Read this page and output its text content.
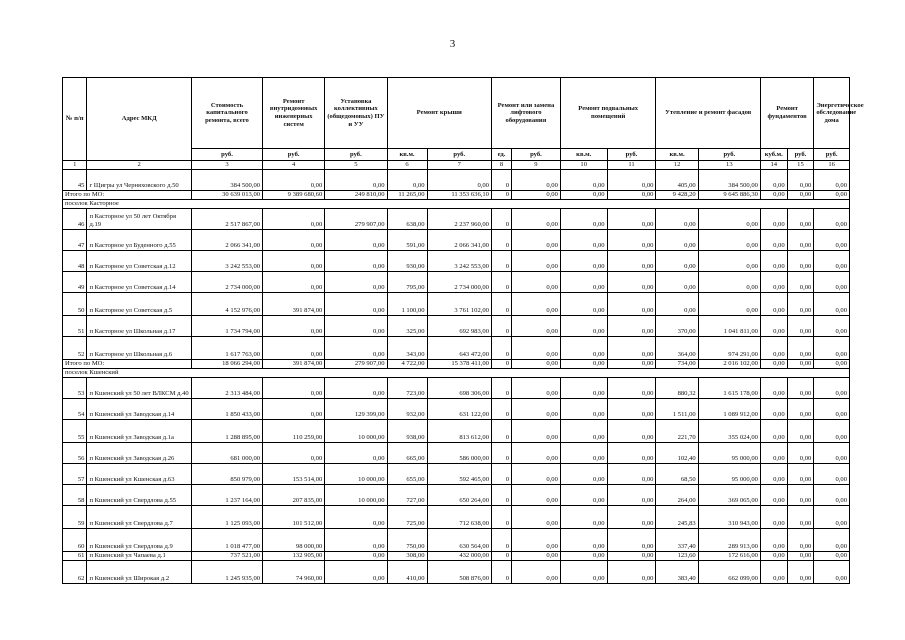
3
№ п/п	Адрес МКД	Стоимость капитального ремонта, всего	Ремонт внутридомовых инженерных систем	Установка коллективных (общедомовых) ПУ и УУ	Ремонт крыши		Ремонт или замена лифтового оборудования		Ремонт подвальных помещений		Утепление и ремонт фасадов		Ремонт фундаментов		Энергетическое обследование дома
		руб.	руб.	руб.	кв.м.	руб.	ед.	руб.	кв.м.	руб.	кв.м.	руб.	куб.м.	руб.	руб.
1	2	3	4	5	6	7	8	9	10	11	12	13	14	15	16
45	г Щигры ул Черняховского д.50	384 500,00	0,00	0,00	0,00	0,00	0	0,00	0,00	0,00	405,00	384 500,00	0,00	0,00	0,00
Итого по МО:		30 639 013,00	9 389 680,60	249 810,00	11 265,00	11 353 636,10	0	0,00	0,00	0,00	9 428,20	9 645 886,30	0,00	0,00	0,00
поселок Касторное															
46	п Касторное ул 50 лет Октября д.19	2 517 867,00	0,00	279 907,00	638,00	2 237 960,00	0	0,00	0,00	0,00	0,00	0,00	0,00	0,00	0,00
47	п Касторное ул Буденного д.55	2 066 341,00	0,00	0,00	591,00	2 066 341,00	0	0,00	0,00	0,00	0,00	0,00	0,00	0,00	0,00
48	п Касторное ул Советская д.12	3 242 553,00	0,00	0,00	930,00	3 242 553,00	0	0,00	0,00	0,00	0,00	0,00	0,00	0,00	0,00
49	п Касторное ул Советская д.14	2 734 000,00	0,00	0,00	795,00	2 734 000,00	0	0,00	0,00	0,00	0,00	0,00	0,00	0,00	0,00
50	п Касторное ул Советская д.5	4 152 976,00	391 874,00	0,00	1 100,00	3 761 102,00	0	0,00	0,00	0,00	0,00	0,00	0,00	0,00	0,00
51	п Касторное ул Школьная д.17	1 734 794,00	0,00	0,00	325,00	692 983,00	0	0,00	0,00	0,00	370,00	1 041 811,00	0,00	0,00	0,00
52	п Касторное ул Школьная д.6	1 617 763,00	0,00	0,00	343,00	643 472,00	0	0,00	0,00	0,00	364,00	974 291,00	0,00	0,00	0,00
Итого по МО:		18 066 294,00	391 874,00	279 907,00	4 722,00	15 378 411,00	0	0,00	0,00	0,00	734,00	2 016 102,00	0,00	0,00	0,00
поселок Кшенский															
53	п Кшенский ул 50 лет ВЛКСМ д.40	2 313 484,00	0,00	0,00	723,00	698 306,00	0	0,00	0,00	0,00	880,32	1 615 178,00	0,00	0,00	0,00
54	п Кшенский ул Заводская д.14	1 850 433,00	0,00	129 399,00	932,00	631 122,00	0	0,00	0,00	0,00	1 511,00	1 089 912,00	0,00	0,00	0,00
55	п Кшенский ул Заводская д.1а	1 288 895,00	110 259,00	10 000,00	938,00	813 612,00	0	0,00	0,00	0,00	221,70	355 024,00	0,00	0,00	0,00
56	п Кшенский ул Заводская д.26	681 000,00	0,00	0,00	665,00	586 000,00	0	0,00	0,00	0,00	102,40	95 000,00	0,00	0,00	0,00
57	п Кшенский ул Кшенская д.63	850 979,00	153 514,00	10 000,00	655,00	592 465,00	0	0,00	0,00	0,00	68,50	95 000,00	0,00	0,00	0,00
58	п Кшенский ул Свердлова д.55	1 237 164,00	207 835,00	10 000,00	727,00	650 264,00	0	0,00	0,00	0,00	264,00	369 065,00	0,00	0,00	0,00
59	п Кшенский ул Свердлова д.7	1 125 093,00	101 512,00	0,00	725,00	712 638,00	0	0,00	0,00	0,00	245,83	310 943,00	0,00	0,00	0,00
60	п Кшенский ул Свердлова д.9	1 018 477,00	98 000,00	0,00	750,00	630 564,00	0	0,00	0,00	0,00	337,40	289 913,00	0,00	0,00	0,00
61	п Кшенский ул Чапаева д.1	737 521,00	132 905,00	0,00	308,00	432 000,00	0	0,00	0,00	0,00	123,60	172 616,00	0,00	0,00	0,00
62	п Кшенский ул Широкая д.2	1 245 935,00	74 960,00	0,00	410,00	508 876,00	0	0,00	0,00	0,00	383,40	662 099,00	0,00	0,00	0,00
